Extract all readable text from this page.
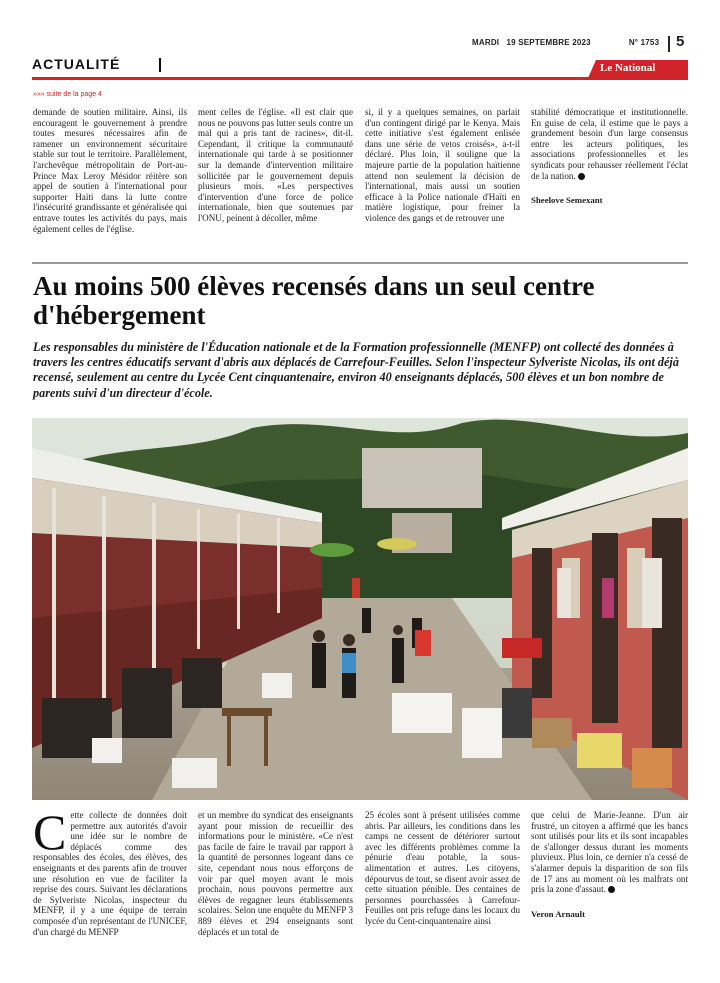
MARDI 19 SEPTEMBRE 2023	N° 1753 5
ACTUALITÉ	Le National
»»» suite de la page 4

demande de soutien militaire. Ainsi, ils encouragent le gouvernement à prendre toutes mesures nécessaires afin de ramener un environnement sécuritaire stable sur tout le territoire. Parallèlement, l'archevêque métropolitain de Port-au-Prince Max Leroy Mésidor réitère son appel de soutien à l'international pour supporter Haïti dans la lutte contre l'insécurité grandissante et généralisée qui entrave toutes les activités du pays, mais également celles de l'église.

ment celles de l'église. «Il est clair que nous ne pouvons pas lutter seuls contre un mal qui a pris tant de racines», dit-il. Cependant, il critique la communauté internationale qui tarde à se positionner sur la demande d'intervention militaire sollicitée par le gouvernement depuis plusieurs mois. «Les perspectives d'intervention d'une force de police internationale, bien que soutenues par l'ONU, peinent à décoller, même

si, il y a quelques semaines, on parlait d'un contingent dirigé par le Kenya. Mais cette initiative s'est également enlisée dans une série de vetos croisés», a-t-il déclaré. Plus loin, il souligne que la majeure partie de la population haïtienne attend non seulement la décision de l'international, mais aussi un soutien efficace à la Police nationale d'Haïti en matière logistique, pour freiner la violence des gangs et de retrouver une

stabilité démocratique et institutionnelle. En guise de cela, il estime que le pays a grandement besoin d'un large consensus entre les acteurs politiques, les associations professionnelles et les syndicats pour rehausser réellement l'éclat de la nation.

Sheelove Semexant

Au moins 500 élèves recensés dans un seul centre d'hébergement

Les responsables du ministère de l'Éducation nationale et de la Formation professionnelle (MENFP) ont collecté des données à travers les centres éducatifs servant d'abris aux déplacés de Carrefour-Feuilles. Selon l'inspecteur Sylveriste Nicolas, ils ont déjà recensé, seulement au centre du Lycée Cent cinquantenaire, environ 40 enseignants déplacés, 500 élèves et un bon nombre de parents suivi d'un directeur d'école.

Cette collecte de données doit permettre aux autorités d'avoir une idée sur le nombre de déplacés comme des responsables des écoles, des élèves, des enseignants et des parents afin de trouver une résolution en vue de faciliter la reprise des cours. Suivant les déclarations de Sylveriste Nicolas, inspecteur du MENFP, il y a une équipe de terrain composée d'un représentant de l'UNICEF, d'un chargé du MENFP

et un membre du syndicat des enseignants ayant pour mission de recueillir des informations pour le ministère. «Ce n'est pas facile de faire le travail par rapport à la quantité de personnes logeant dans ce site, cependant nous nous efforçons de voir par quel moyen avant le mois prochain, nous pouvons permettre aux élèves de regagner leurs établissements scolaires. Selon une enquête du MENFP 3 889 élèves et 294 enseignants sont déplacés et un total de

25 écoles sont à présent utilisées comme abris. Par ailleurs, les conditions dans les camps ne cessent de détériorer surtout avec les différents problèmes comme la pénurie d'eau potable, la sous-alimentation et autres. Les citoyens, dépourvus de tout, se disent avoir assez de cette situation pénible. Des centaines de personnes pourchassées à Carrefour-Feuilles ont pris refuge dans les locaux du lycée du Cent-cinquantenaire ainsi

que celui de Marie-Jeanne. D'un air frustré, un citoyen a affirmé que les bancs sont utilisés pour lits et ils sont incapables de s'allonger dessus durant les moments pluvieux. Plus loin, ce dernier n'a cessé de s'alarmer depuis la disparition de son fils de 17 ans au moment où les malfrats ont pris la zone d'assaut.

Veron Arnault
